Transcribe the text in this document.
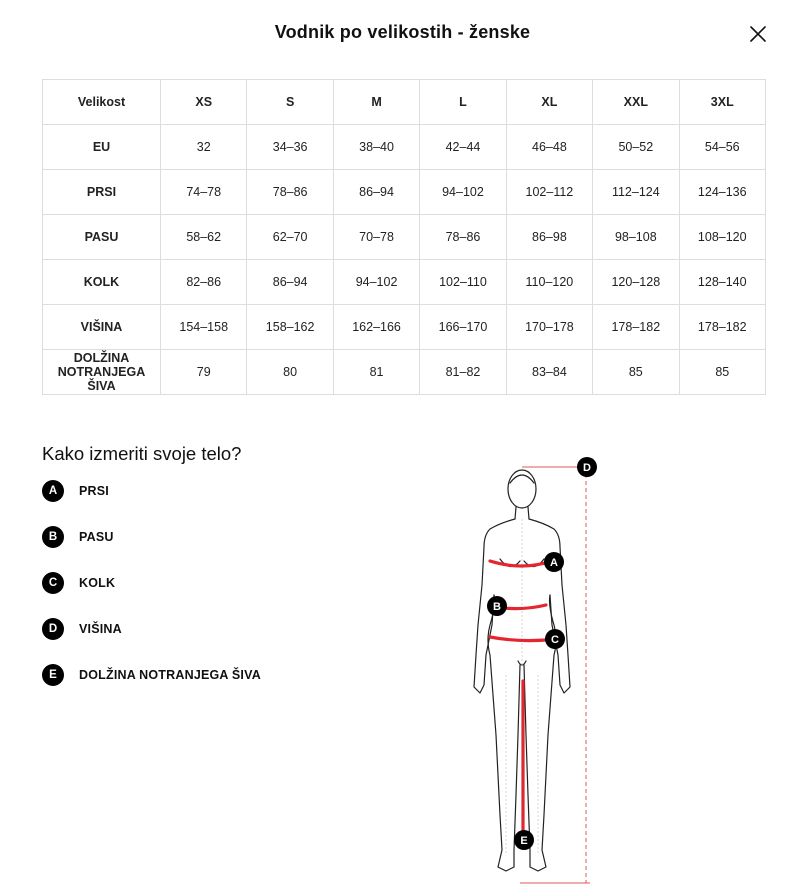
Vodnik po velikostih - ženske
Velikost	XS	S	M	L	XL	XXL	3XL
EU	32	34–36	38–40	42–44	46–48	50–52	54–56
PRSI	74–78	78–86	86–94	94–102	102–112	112–124	124–136
PASU	58–62	62–70	70–78	78–86	86–98	98–108	108–120
KOLK	82–86	86–94	94–102	102–110	110–120	120–128	128–140
VIŠINA	154–158	158–162	162–166	166–170	170–178	178–182	178–182
DOLŽINA NOTRANJEGA ŠIVA	79	80	81	81–82	83–84	85	85
Kako izmeriti svoje telo?
A	PRSI
B	PASU
C	KOLK
D	VIŠINA
E	DOLŽINA NOTRANJEGA ŠIVA
A
B
C
D
E
